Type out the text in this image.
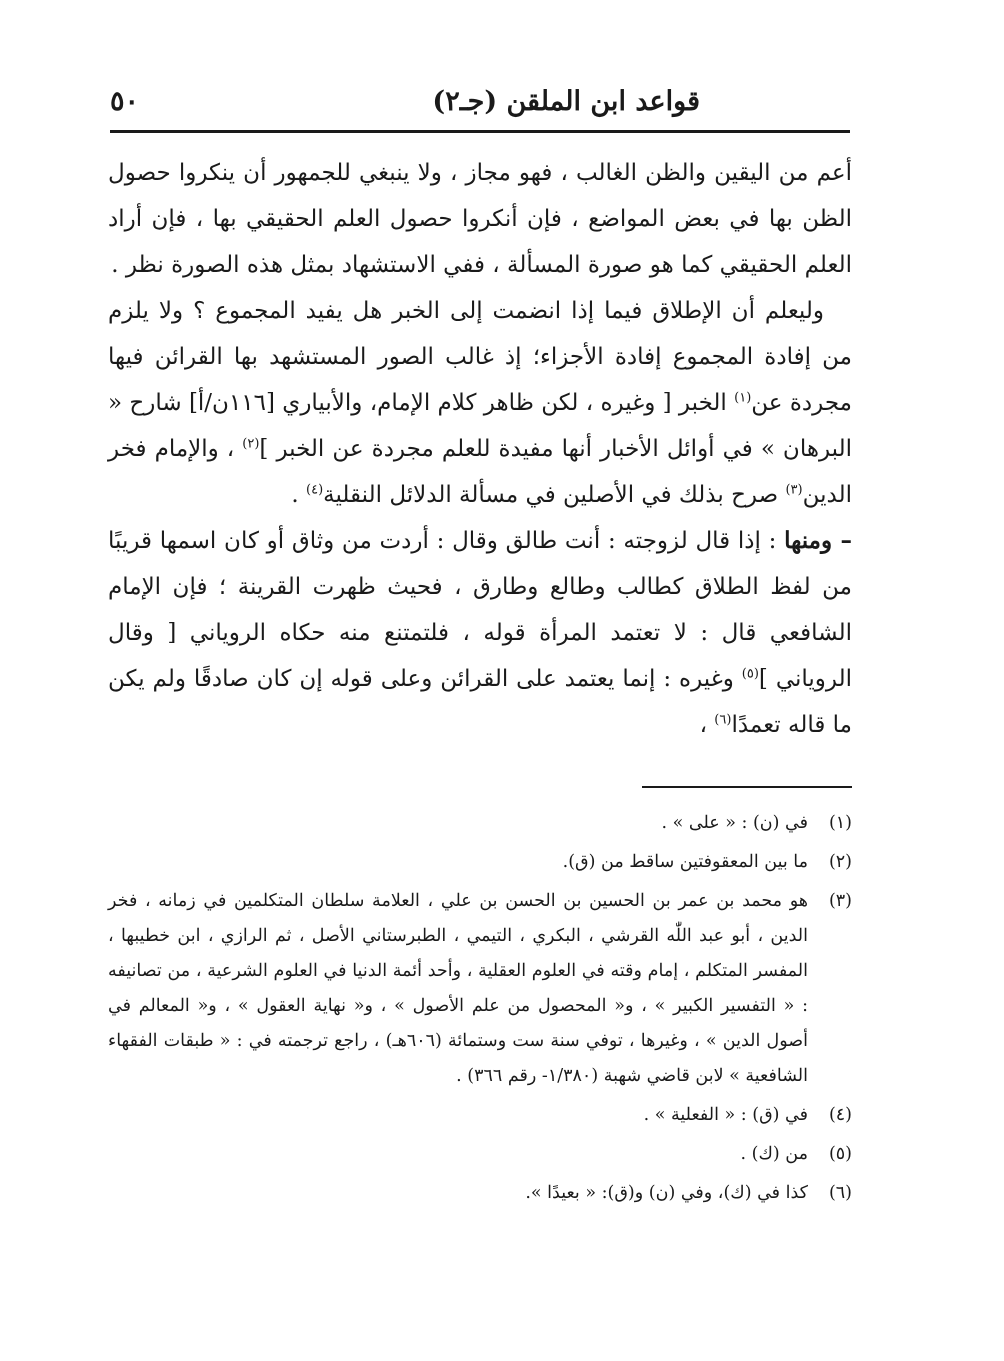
قواعد ابن الملقن (جـ٢)
٥٠

أعم من اليقين والظن الغالب ، فهو مجاز ، ولا ينبغي للجمهور أن ينكروا حصول الظن بها في بعض المواضع ، فإن أنكروا حصول العلم الحقيقي بها ، فإن أراد العلم الحقيقي كما هو صورة المسألة ، ففي الاستشهاد بمثل هذه الصورة نظر .

وليعلم أن الإطلاق فيما إذا انضمت إلى الخبر هل يفيد المجموع ؟ ولا يلزم من إفادة المجموع إفادة الأجزاء؛ إذ غالب الصور المستشهد بها القرائن فيها مجردة عن$^{(١)}$ الخبر [ وغيره ، لكن ظاهر كلام الإمام، والأبياري [١١٦ن/أ] شارح « البرهان » في أوائل الأخبار أنها مفيدة للعلم مجردة عن الخبر ]$^{(٢)}$ ، والإمام فخر الدين$^{(٣)}$ صرح بذلك في الأصلين في مسألة الدلائل النقلية$^{(٤)}$ .

– ومنها : إذا قال لزوجته : أنت طالق وقال : أردت من وثاق أو كان اسمها قريبًا من لفظ الطلاق كطالب وطالع وطارق ، فحيث ظهرت القرينة ؛ فإن الإمام الشافعي قال : لا تعتمد المرأة قوله ، فلتمتنع منه حكاه الروياني [ وقال الروياني ]$^{(٥)}$ وغيره : إنما يعتمد على القرائن وعلى قوله إن كان صادقًا ولم يكن ما قاله تعمدًا$^{(٦)}$ ،

(١)
في (ن) : « على » .
(٢)
ما بين المعقوفتين ساقط من (ق).
(٣)
هو محمد بن عمر بن الحسين بن الحسن بن علي ، العلامة سلطان المتكلمين في زمانه ، فخر الدين ، أبو عبد اللّٰه القرشي ، البكري ، التيمي ، الطبرستاني الأصل ، ثم الرازي ، ابن خطيبها ، المفسر المتكلم ، إمام وقته في العلوم العقلية ، وأحد أئمة الدنيا في العلوم الشرعية ، من تصانيفه : « التفسير الكبير » ، و« المحصول من علم الأصول » ، و« نهاية العقول » ، و« المعالم في أصول الدين » ، وغيرها ، توفي سنة ست وستمائة (٦٠٦هـ) ، راجع ترجمته في : « طبقات الفقهاء الشافعية » لابن قاضي شهبة (١/٣٨٠- رقم ٣٦٦) .
(٤)
في (ق) : « الفعلية » .
(٥)
من (ك) .
(٦)
كذا في (ك)، وفي (ن) و(ق): « بعيدًا ».
